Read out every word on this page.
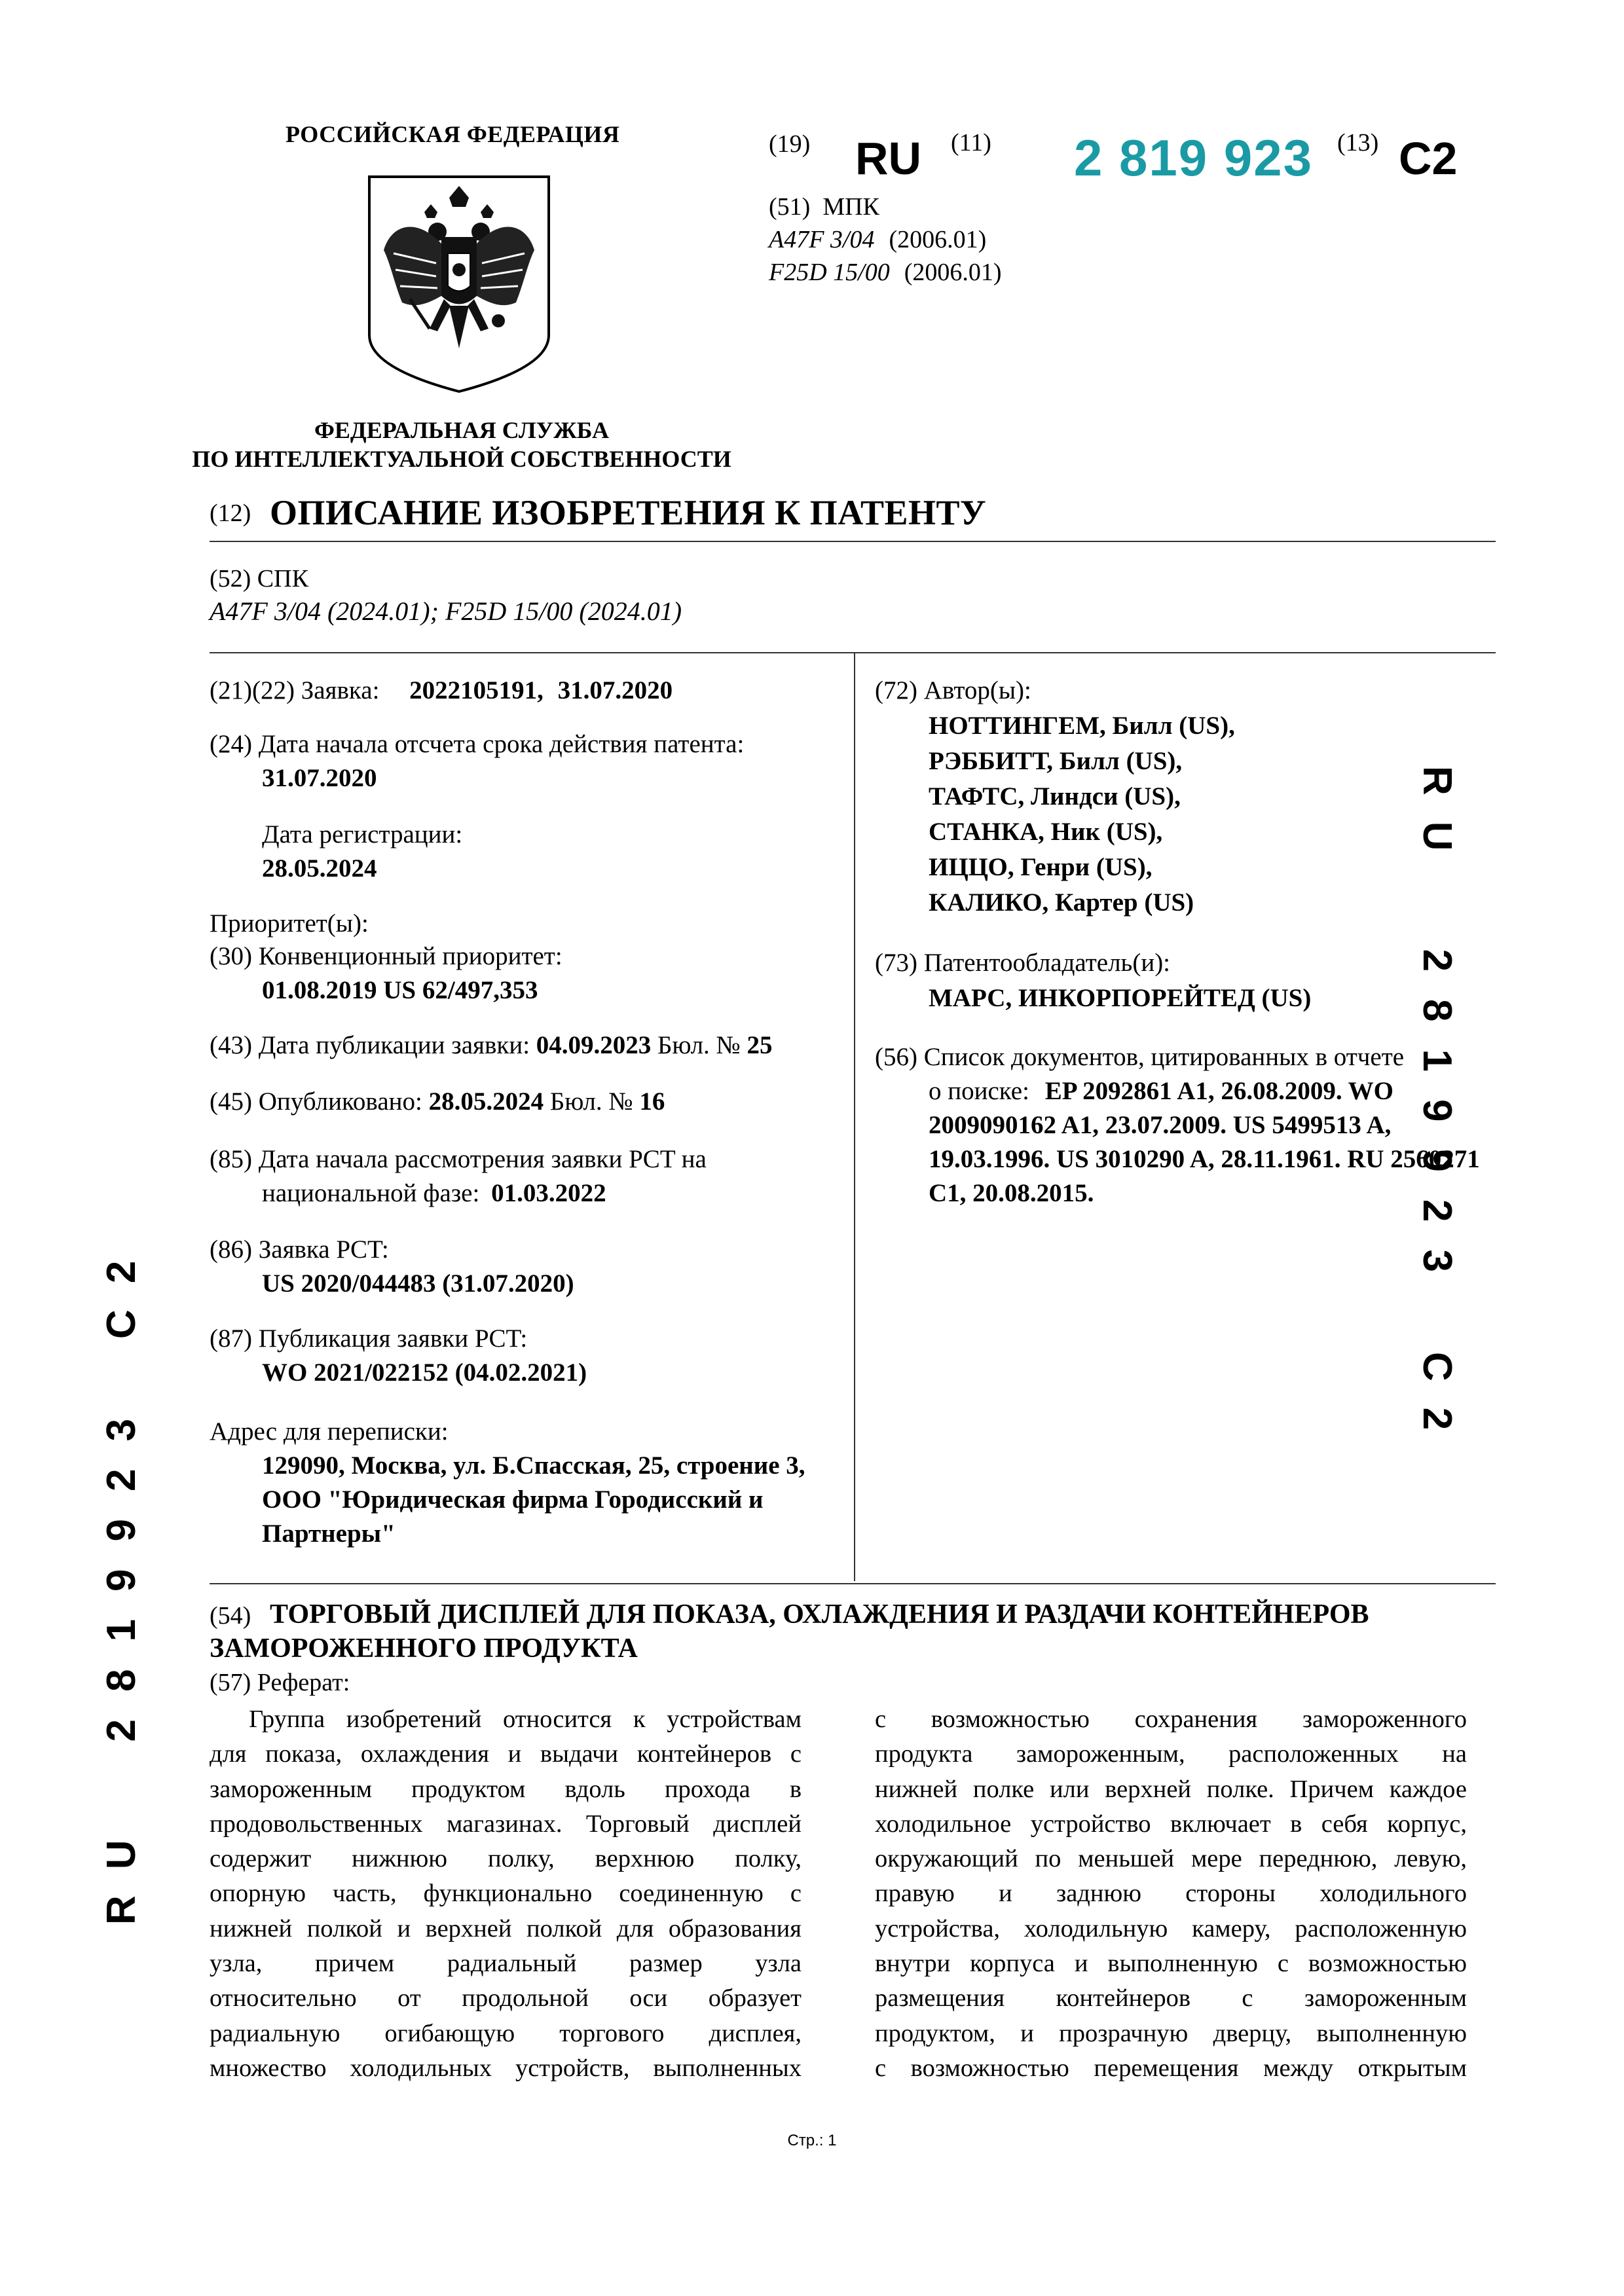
РОССИЙСКАЯ ФЕДЕРАЦИЯ
ФЕДЕРАЛЬНАЯ СЛУЖБА
ПО ИНТЕЛЛЕКТУАЛЬНОЙ СОБСТВЕННОСТИ
(19) RU (11) 2 819 923 (13) C2
(51) МПК
A47F 3/04 (2006.01)
F25D 15/00 (2006.01)
(12) ОПИСАНИЕ ИЗОБРЕТЕНИЯ К ПАТЕНТУ
(52) СПК
A47F 3/04 (2024.01); F25D 15/00 (2024.01)
(21)(22) Заявка: 2022105191, 31.07.2020
(24) Дата начала отсчета срока действия патента:
31.07.2020
Дата регистрации:
28.05.2024
Приоритет(ы):
(30) Конвенционный приоритет:
01.08.2019 US 62/497,353
(43) Дата публикации заявки: 04.09.2023 Бюл. № 25
(45) Опубликовано: 28.05.2024 Бюл. № 16
(85) Дата начала рассмотрения заявки PCT на
национальной фазе: 01.03.2022
(86) Заявка PCT:
US 2020/044483 (31.07.2020)
(87) Публикация заявки PCT:
WO 2021/022152 (04.02.2021)
Адрес для переписки:
129090, Москва, ул. Б.Спасская, 25, строение 3,
ООО "Юридическая фирма Городисский и
Партнеры"
(72) Автор(ы):
НОТТИНГЕМ, Билл (US),
РЭББИТТ, Билл (US),
ТАФТС, Линдси (US),
СТАНКА, Ник (US),
ИЦЦО, Генри (US),
КАЛИКО, Картер (US)
(73) Патентообладатель(и):
МАРС, ИНКОРПОРЕЙТЕД (US)
(56) Список документов, цитированных в отчете
о поиске: EP 2092861 A1, 26.08.2009. WO
2009090162 A1, 23.07.2009. US 5499513 A,
19.03.1996. US 3010290 A, 28.11.1961. RU 2560271
C1, 20.08.2015.
RU2819923C2
RU2819923C2
(54) ТОРГОВЫЙ ДИСПЛЕЙ ДЛЯ ПОКАЗА, ОХЛАЖДЕНИЯ И РАЗДАЧИ КОНТЕЙНЕРОВ
ЗАМОРОЖЕННОГО ПРОДУКТА
(57) Реферат:
Группа изобретений относится к устройствам
для показа, охлаждения и выдачи контейнеров с
замороженным продуктом вдоль прохода в
продовольственных магазинах. Торговый дисплей
содержит нижнюю полку, верхнюю полку,
опорную часть, функционально соединенную с
нижней полкой и верхней полкой для образования
узла, причем радиальный размер узла
относительно от продольной оси образует
радиальную огибающую торгового дисплея,
множество холодильных устройств, выполненных
с возможностью сохранения замороженного
продукта замороженным, расположенных на
нижней полке или верхней полке. Причем каждое
холодильное устройство включает в себя корпус,
окружающий по меньшей мере переднюю, левую,
правую и заднюю стороны холодильного
устройства, холодильную камеру, расположенную
внутри корпуса и выполненную с возможностью
размещения контейнеров с замороженным
продуктом, и прозрачную дверцу, выполненную
с возможностью перемещения между открытым
Стр.: 1
